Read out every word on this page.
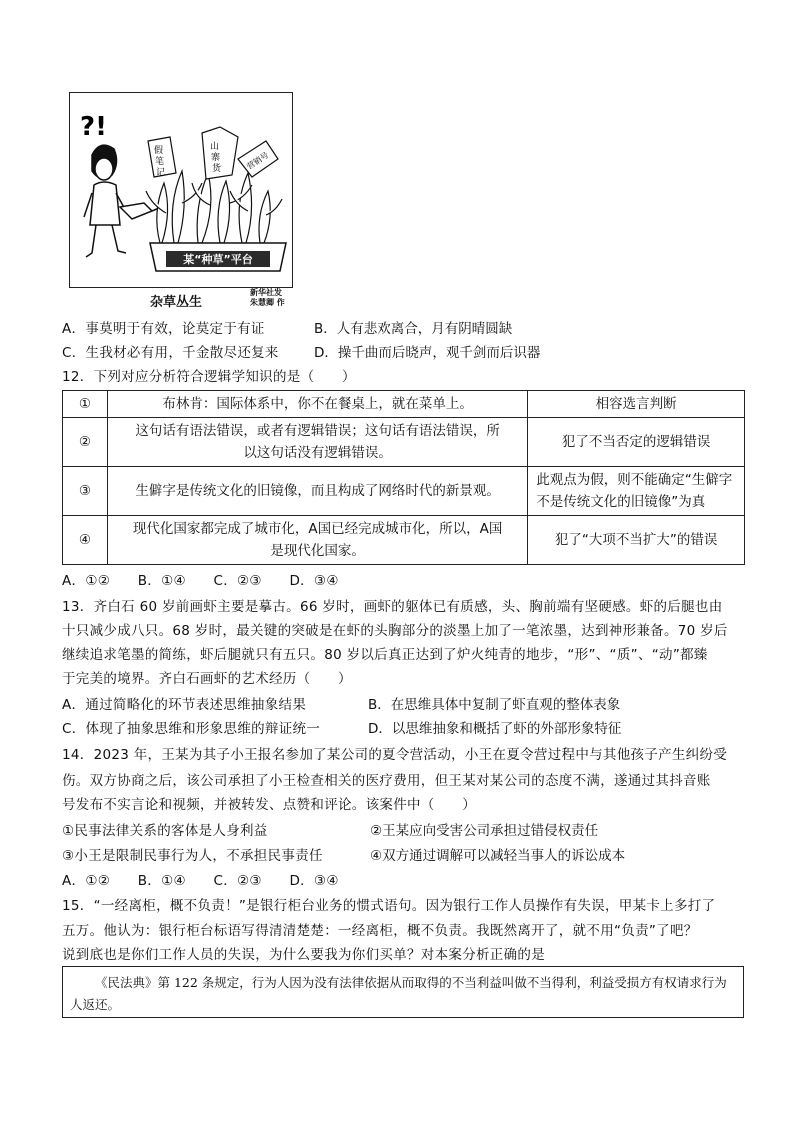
?!
假
笔
记
山
寨
货	营销号
某“种草”平台
杂草丛生
新华社发
朱慧卿 作
A．事莫明于有效，论莫定于有证	B．人有悲欢离合，月有阴晴圆缺
C．生我材必有用，千金散尽还复来	D．操千曲而后晓声，观千剑而后识器
12．下列对应分析符合逻辑学知识的是（　　）
①	布林肯：国际体系中，你不在餐桌上，就在菜单上。	相容选言判断
②	这句话有语法错误，或者有逻辑错误；这句话有语法错误，所以这句话没有逻辑错误。	犯了不当否定的逻辑错误
③	生僻字是传统文化的旧镜像，而且构成了网络时代的新景观。	此观点为假，则不能确定“生僻字不是传统文化的旧镜像”为真
④	现代化国家都完成了城市化，A国已经完成城市化，所以，A国是现代化国家。	犯了“大项不当扩大”的错误
A．①②　　B．①④　　C．②③　　D．③④
13．齐白石 60 岁前画虾主要是摹古。66 岁时，画虾的躯体已有质感，头、胸前端有坚硬感。虾的后腿也由
十只减少成八只。68 岁时，最关键的突破是在虾的头胸部分的淡墨上加了一笔浓墨，达到神形兼备。70 岁后
继续追求笔墨的简练，虾后腿就只有五只。80 岁以后真正达到了炉火纯青的地步，“形”、“质”、“动”都臻
于完美的境界。齐白石画虾的艺术经历（　　）
A．通过简略化的环节表述思维抽象结果	B．在思维具体中复制了虾直观的整体表象
C．体现了抽象思维和形象思维的辩证统一	D．以思维抽象和概括了虾的外部形象特征
14．2023 年，王某为其子小王报名参加了某公司的夏令营活动，小王在夏令营过程中与其他孩子产生纠纷受
伤。双方协商之后，该公司承担了小王检查相关的医疗费用，但王某对某公司的态度不满，遂通过其抖音账
号发布不实言论和视频，并被转发、点赞和评论。该案件中（　　）
①民事法律关系的客体是人身利益	②王某应向受害公司承担过错侵权责任
③小王是限制民事行为人，不承担民事责任	④双方通过调解可以减轻当事人的诉讼成本
A．①②　　B．①④　　C．②③　　D．③④
15．“一经离柜，概不负责！”是银行柜台业务的惯式语句。因为银行工作人员操作有失误，甲某卡上多打了
五万。他认为：银行柜台标语写得清清楚楚：一经离柜，概不负责。我既然离开了，就不用“负责”了吧？
说到底也是你们工作人员的失误，为什么要我为你们买单？对本案分析正确的是
《民法典》第 122 条规定，行为人因为没有法律依据从而取得的不当利益叫做不当得利，利益受损方有权请求行为人返还。
